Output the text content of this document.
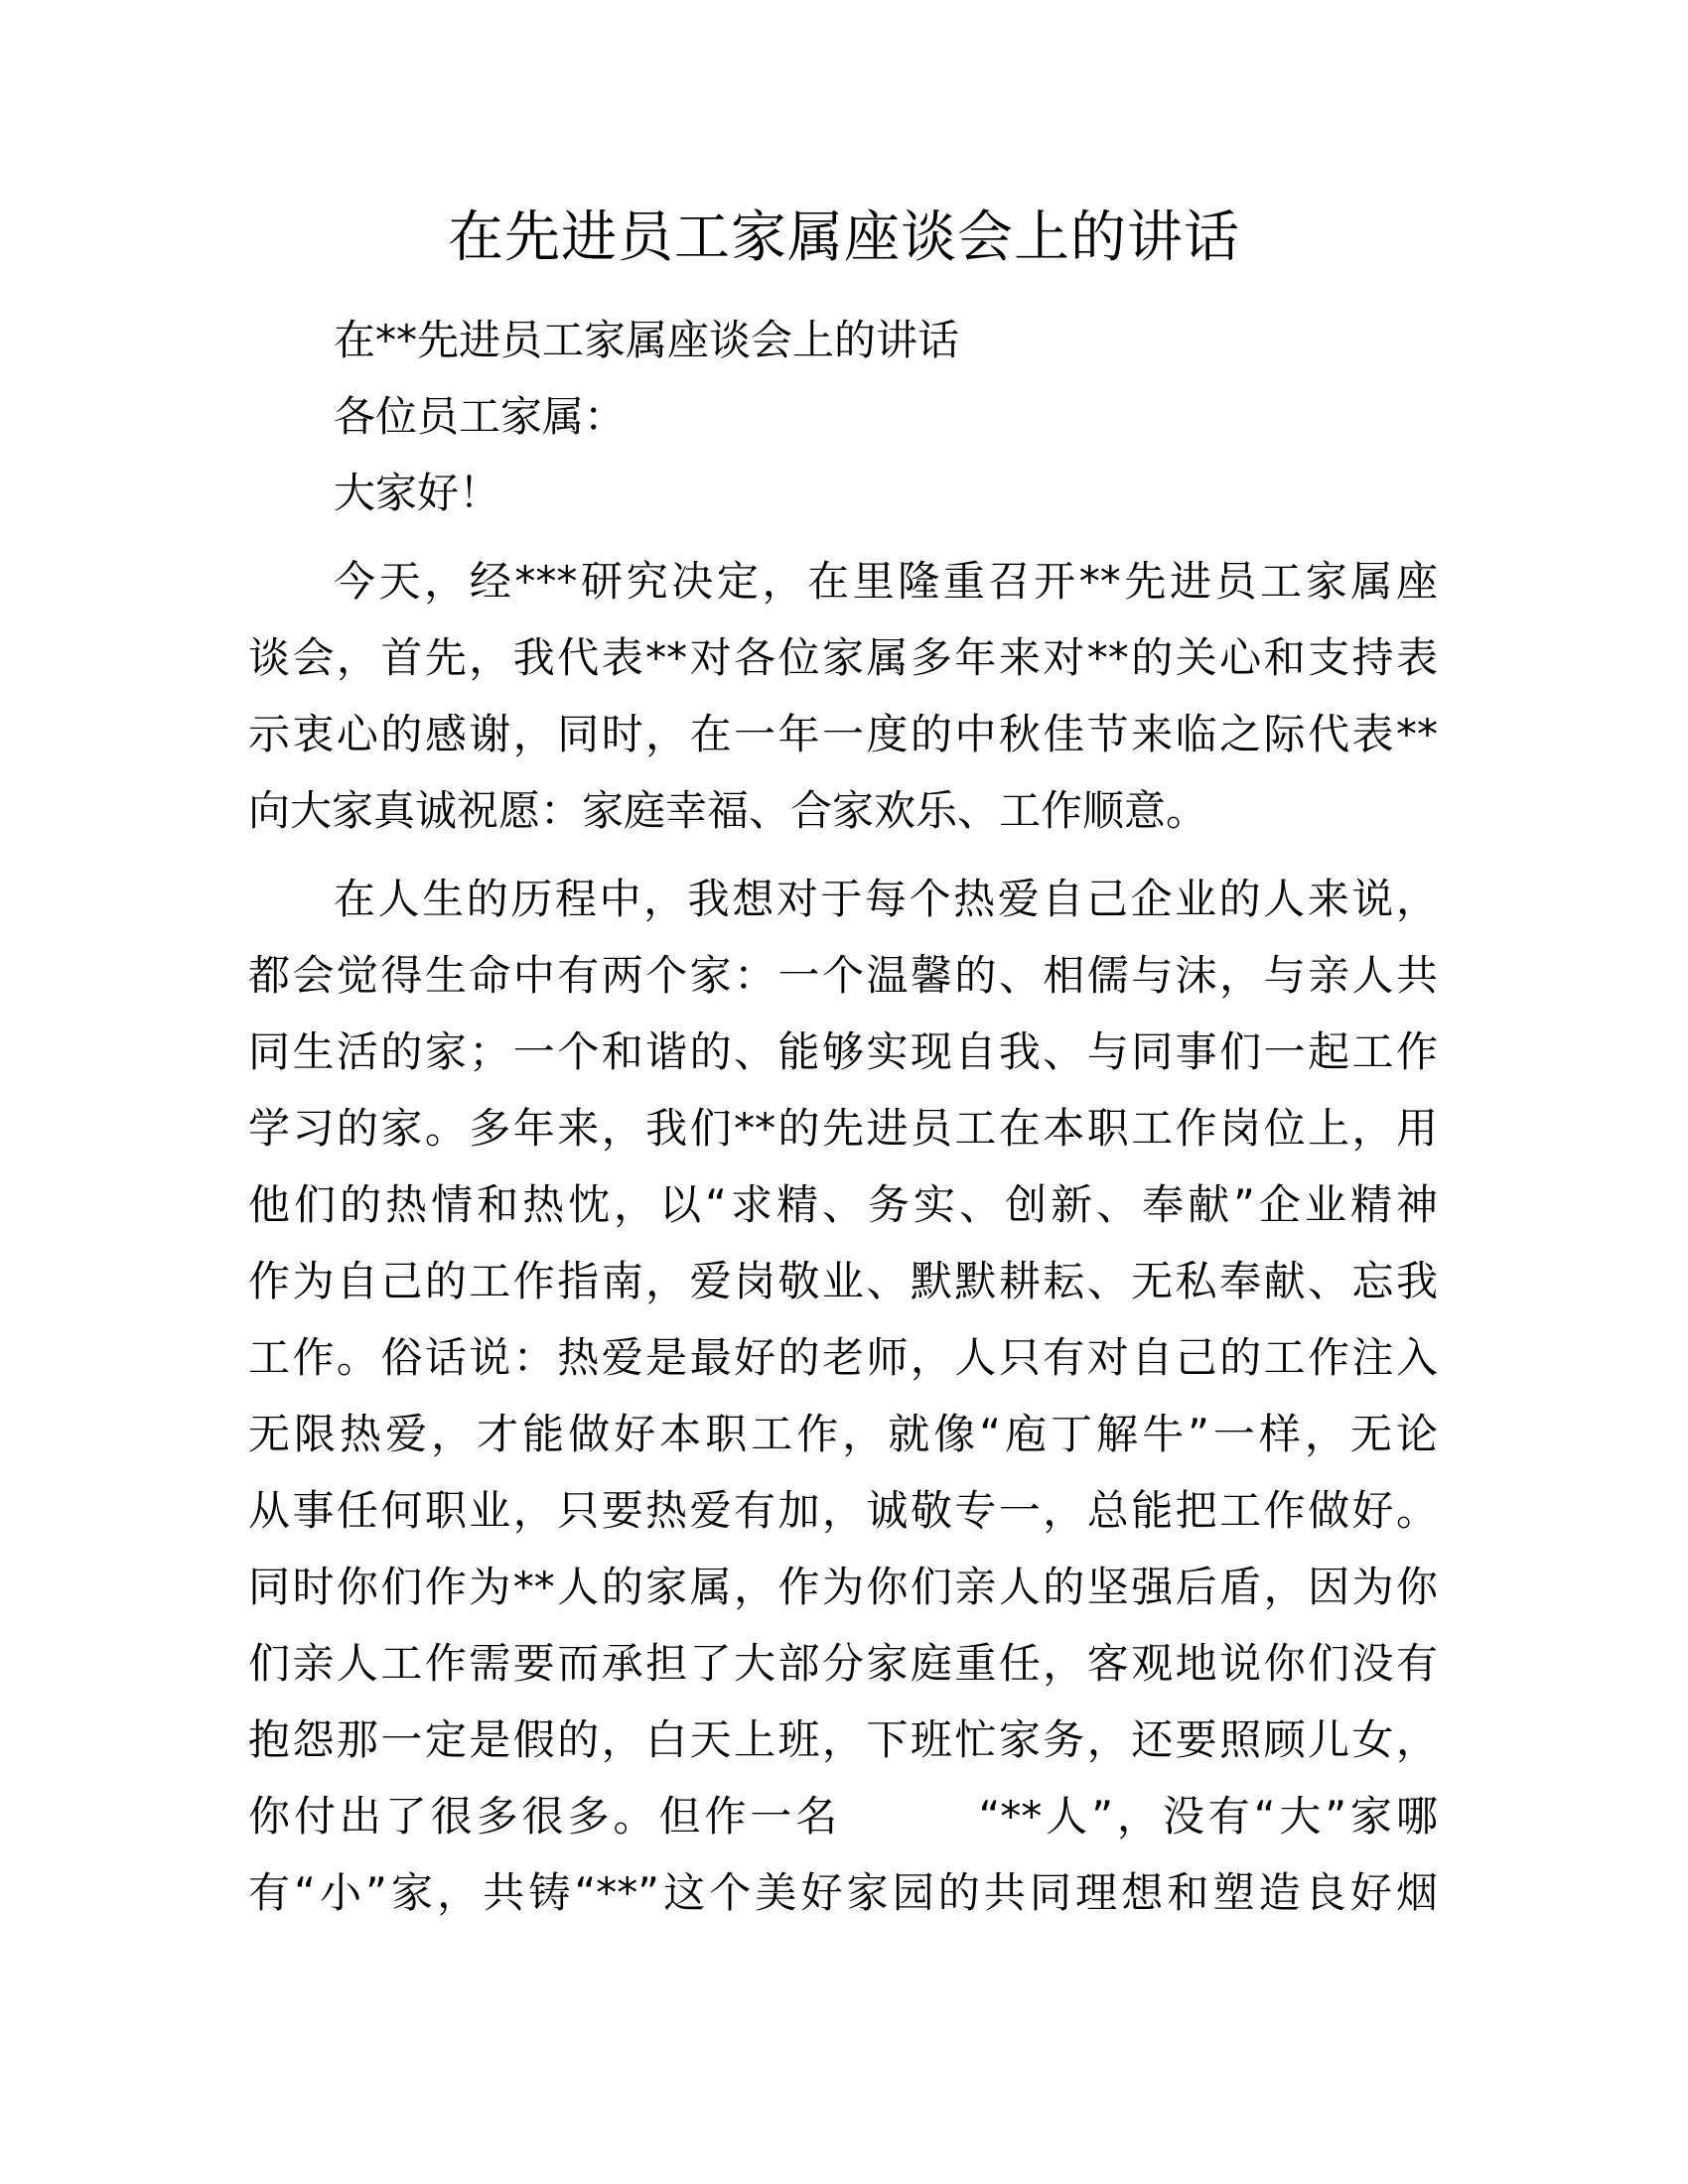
在先进员工家属座谈会上的讲话
在**先进员工家属座谈会上的讲话
各位员工家属：
大家好！
今天，经***研究决定，在里隆重召开**先进员工家属座
谈会，首先，我代表**对各位家属多年来对**的关心和支持表
示衷心的感谢，同时，在一年一度的中秋佳节来临之际代表**
向大家真诚祝愿：家庭幸福、合家欢乐、工作顺意。
在人生的历程中，我想对于每个热爱自己企业的人来说，
都会觉得生命中有两个家：一个温馨的、相儒与沫，与亲人共
同生活的家；一个和谐的、能够实现自我、与同事们一起工作
学习的家。多年来，我们**的先进员工在本职工作岗位上，用
他们的热情和热忱，以“求精、务实、创新、奉献”企业精神
作为自己的工作指南，爱岗敬业、默默耕耘、无私奉献、忘我
工作。俗话说：热爱是最好的老师，人只有对自己的工作注入
无限热爱，才能做好本职工作，就像“庖丁解牛”一样，无论
从事任何职业，只要热爱有加，诚敬专一，总能把工作做好。
同时你们作为**人的家属，作为你们亲人的坚强后盾，因为你
们亲人工作需要而承担了大部分家庭重任，客观地说你们没有
抱怨那一定是假的，白天上班，下班忙家务，还要照顾儿女，
你付出了很多很多。但作一名        “**人”，没有“大”家哪
有“小”家，共铸“**”这个美好家园的共同理想和塑造良好烟
